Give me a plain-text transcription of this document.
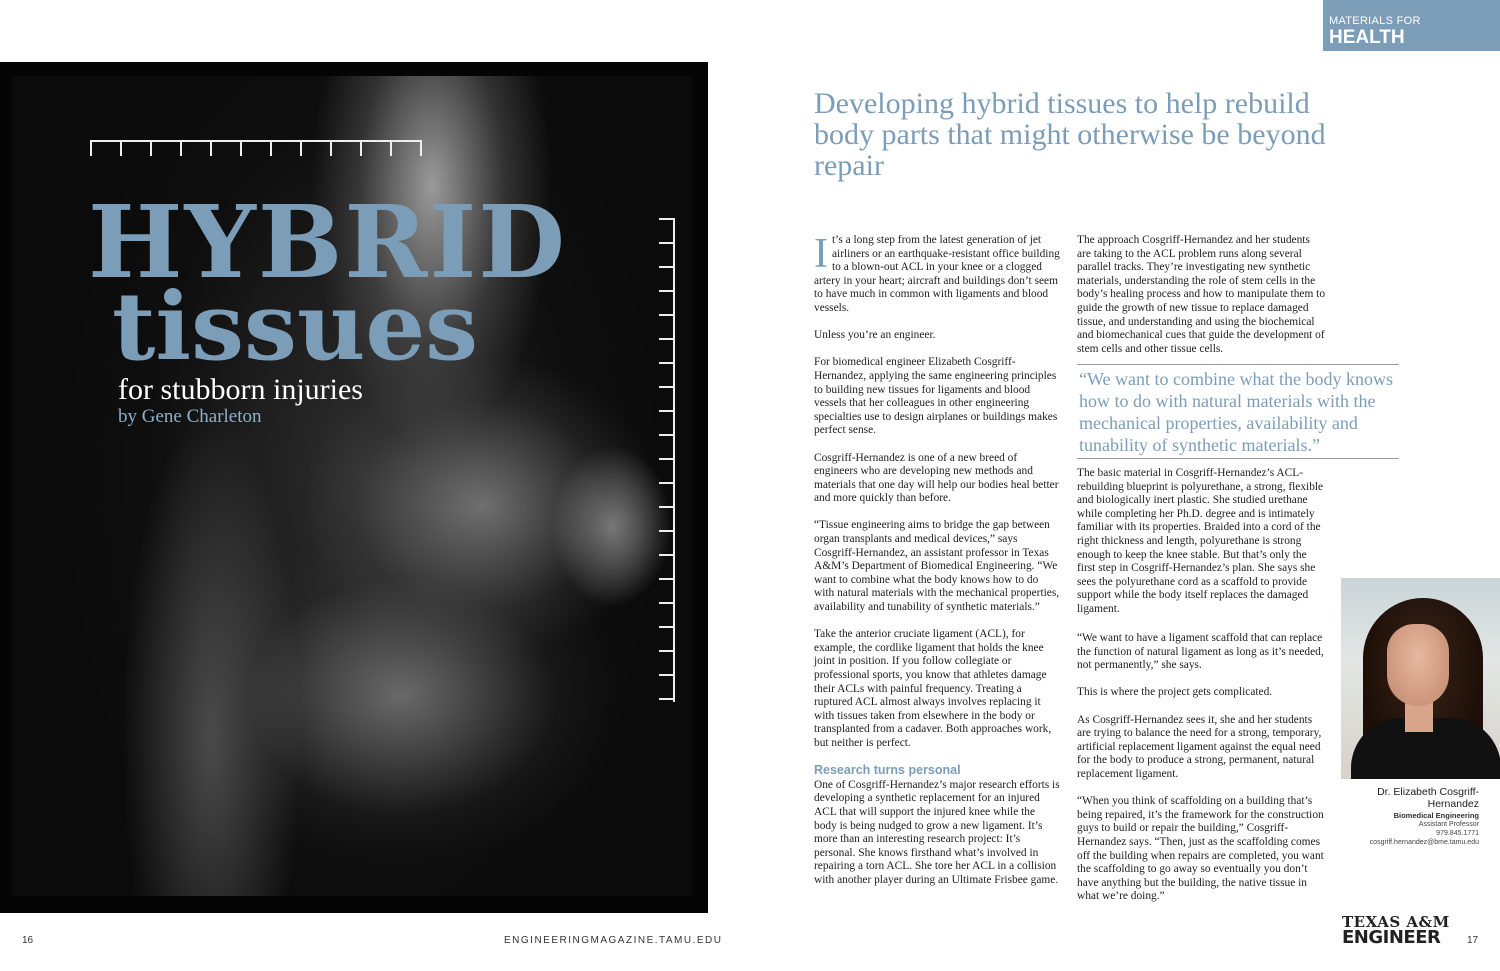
HYBRID
tissues
for stubborn injuries
by Gene Charleton
16	ENGINEERINGMAGAZINE.TAMU.EDU
MATERIALS FOR
HEALTH
Developing hybrid tissues to help rebuild body parts that might otherwise be beyond repair

It’s a long step from the latest generation of jet airliners or an earthquake-resistant office building to a blown-out ACL in your knee or a clogged artery in your heart; aircraft and buildings don’t seem to have much in common with ligaments and blood vessels.

Unless you’re an engineer.

For biomedical engineer Elizabeth Cosgriff-Hernandez, applying the same engineering principles to building new tissues for ligaments and blood vessels that her colleagues in other engineering specialties use to design airplanes or buildings makes perfect sense.

Cosgriff-Hernandez is one of a new breed of engineers who are developing new methods and materials that one day will help our bodies heal better and more quickly than before.

“Tissue engineering aims to bridge the gap between organ transplants and medical devices,” says Cosgriff-Hernandez, an assistant professor in Texas A&M’s Department of Biomedical Engineering. “We want to combine what the body knows how to do with natural materials with the mechanical properties, availability and tunability of synthetic materials.”

Take the anterior cruciate ligament (ACL), for example, the cordlike ligament that holds the knee joint in position. If you follow collegiate or professional sports, you know that athletes damage their ACLs with painful frequency. Treating a ruptured ACL almost always involves replacing it with tissues taken from elsewhere in the body or transplanted from a cadaver. Both approaches work, but neither is perfect.

Research turns personal

One of Cosgriff-Hernandez’s major research efforts is developing a synthetic replacement for an injured ACL that will support the injured knee while the body is being nudged to grow a new ligament. It’s more than an interesting research project: It’s personal. She knows firsthand what’s involved in repairing a torn ACL. She tore her ACL in a collision with another player during an Ultimate Frisbee game.

The approach Cosgriff-Hernandez and her students are taking to the ACL problem runs along several parallel tracks. They’re investigating new synthetic materials, understanding the role of stem cells in the body’s healing process and how to manipulate them to guide the growth of new tissue to replace damaged tissue, and understanding and using the biochemical and biomechanical cues that guide the development of stem cells and other tissue cells.

“We want to combine what the body knows how to do with natural materials with the mechanical properties, availability and tunability of synthetic materials.”

The basic material in Cosgriff-Hernandez’s ACL-rebuilding blueprint is polyurethane, a strong, flexible and biologically inert plastic. She studied urethane while completing her Ph.D. degree and is intimately familiar with its properties. Braided into a cord of the right thickness and length, polyurethane is strong enough to keep the knee stable. But that’s only the first step in Cosgriff-Hernandez’s plan. She says she sees the polyurethane cord as a scaffold to provide support while the body itself replaces the damaged ligament.

“We want to have a ligament scaffold that can replace the function of natural ligament as long as it’s needed, not permanently,” she says.

This is where the project gets complicated.

As Cosgriff-Hernandez sees it, she and her students are trying to balance the need for a strong, temporary, artificial replacement ligament against the equal need for the body to produce a strong, permanent, natural replacement ligament.

“When you think of scaffolding on a building that’s being repaired, it’s the framework for the construction guys to build or repair the building,” Cosgriff-Hernandez says. “Then, just as the scaffolding comes off the building when repairs are completed, you want the scaffolding to go away so eventually you don’t have anything but the building, the native tissue in what we’re doing.”

Dr. Elizabeth Cosgriff-Hernandez
Biomedical Engineering
Assistant Professor
979.845.1771
cosgriff.hernandez@bme.tamu.edu
TEXAS A&M
ENGINEER	17
